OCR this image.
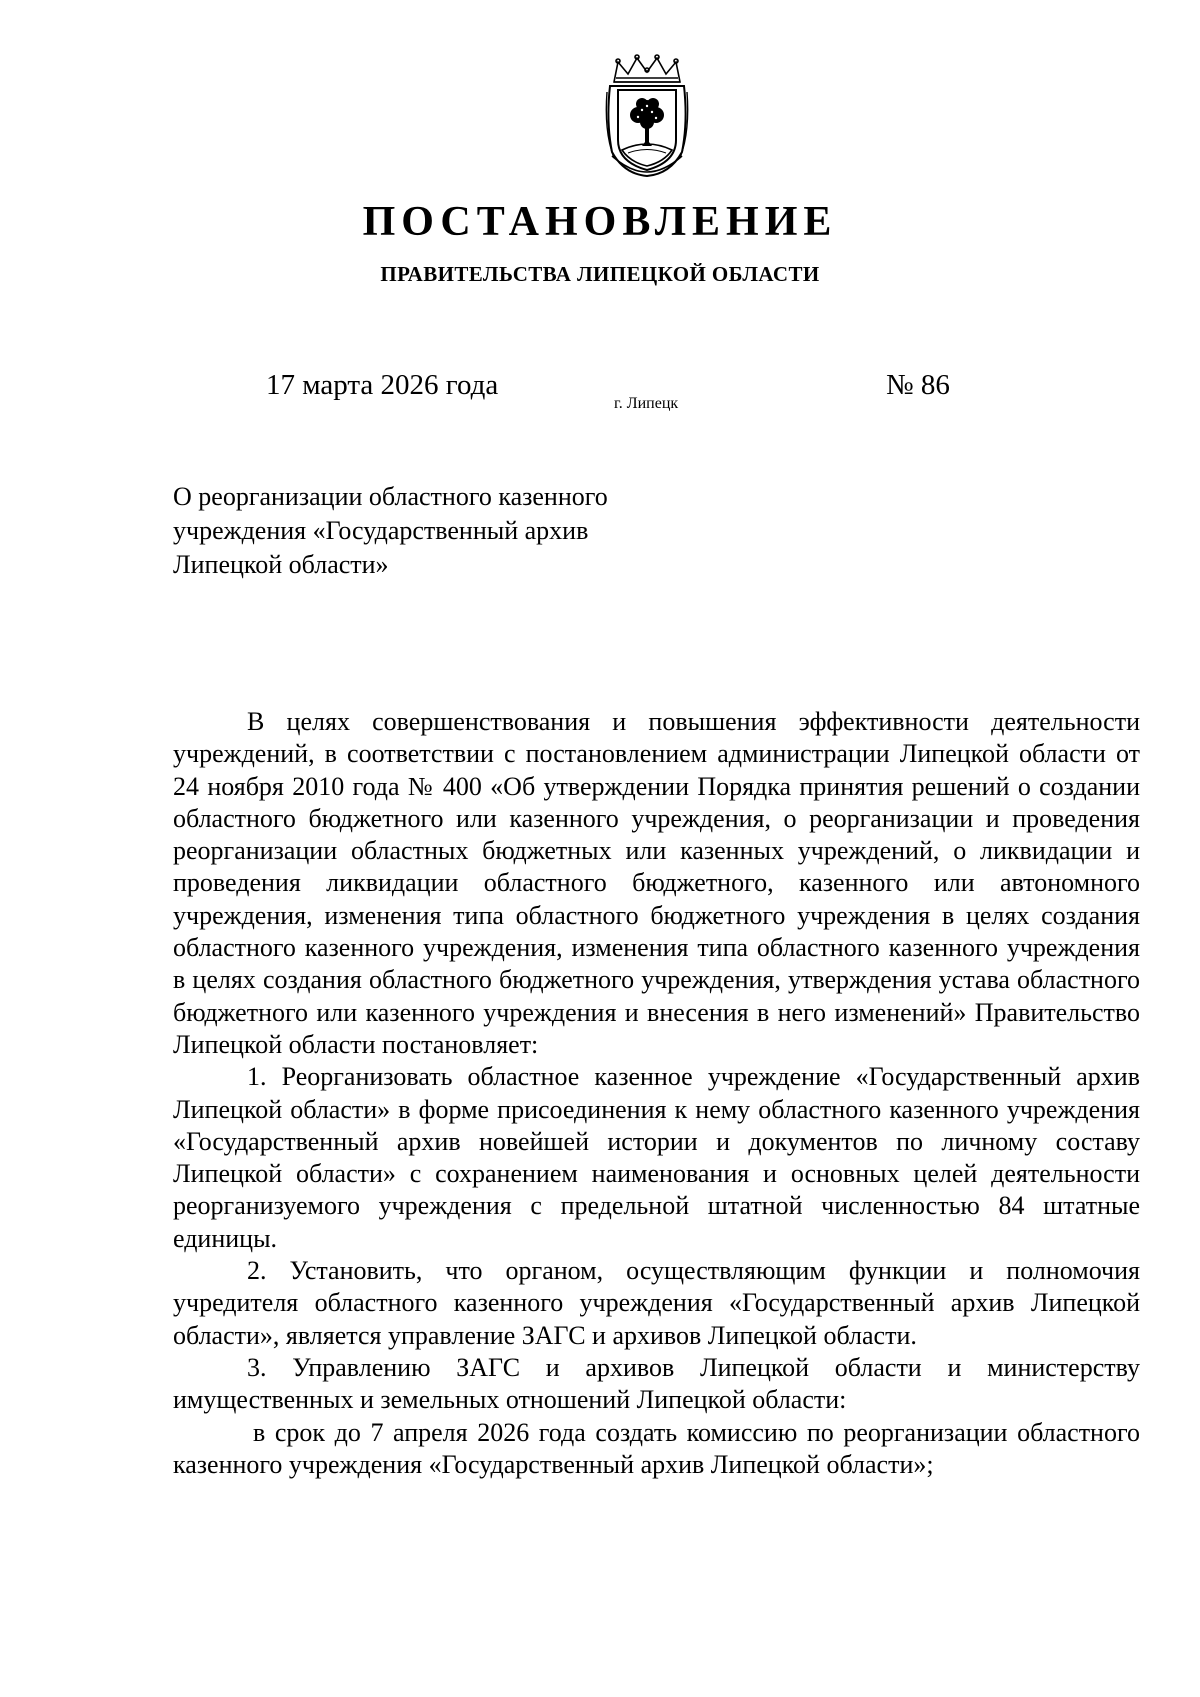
ПОСТАНОВЛЕНИЕ
ПРАВИТЕЛЬСТВА ЛИПЕЦКОЙ ОБЛАСТИ
17 марта 2026 года
г. Липецк
№ 86
О реорганизации областного казенного
учреждения «Государственный архив
Липецкой области»

В целях совершенствования и повышения эффективности деятельности учреждений, в соответствии с постановлением администрации Липецкой области от 24 ноября 2010 года № 400 «Об утверждении Порядка принятия решений о создании областного бюджетного или казенного учреждения, о реорганизации и проведения реорганизации областных бюджетных или казенных учреждений, о ликвидации и проведения ликвидации областного бюджетного, казенного или автономного учреждения, изменения типа областного бюджетного учреждения в целях создания областного казенного учреждения, изменения типа областного казенного учреждения в целях создания областного бюджетного учреждения, утверждения устава областного бюджетного или казенного учреждения и внесения в него изменений» Правительство Липецкой области постановляет:

1. Реорганизовать областное казенное учреждение «Государственный архив Липецкой области» в форме присоединения к нему областного казенного учреждения «Государственный архив новейшей истории и документов по личному составу Липецкой области» с сохранением наименования и основных целей деятельности реорганизуемого учреждения с предельной штатной численностью 84 штатные единицы.

2. Установить, что органом, осуществляющим функции и полномочия учредителя областного казенного учреждения «Государственный архив Липецкой области», является управление ЗАГС и архивов Липецкой области.

3. Управлению ЗАГС и архивов Липецкой области и министерству имущественных и земельных отношений Липецкой области:

в срок до 7 апреля 2026 года создать комиссию по реорганизации областного казенного учреждения «Государственный архив Липецкой области»;
